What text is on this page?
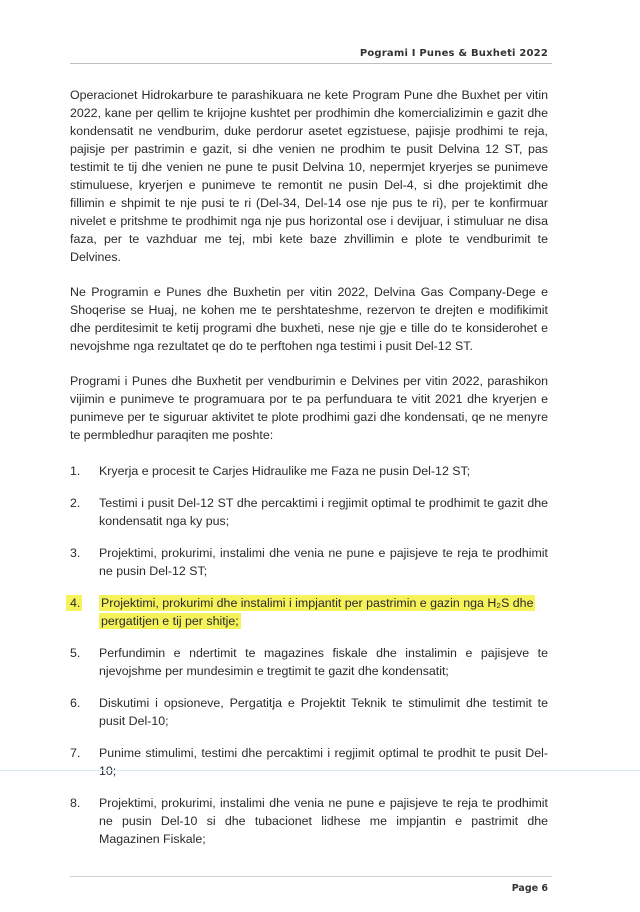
Pogrami I Punes & Buxheti 2022

Operacionet Hidrokarbure te parashikuara ne kete Program Pune dhe Buxhet per vitin 2022, kane per qellim te krijojne kushtet per prodhimin dhe komercializimin e gazit dhe kondensatit ne vendburim, duke perdorur asetet egzistuese, pajisje prodhimi te reja, pajisje per pastrimin e gazit, si dhe venien ne prodhim te pusit Delvina 12 ST, pas testimit te tij dhe venien ne pune te pusit Delvina 10, nepermjet kryerjes se punimeve stimuluese, kryerjen e punimeve te remontit ne pusin Del-4, si dhe projektimit dhe fillimin e shpimit te nje pusi te ri (Del-34, Del-14 ose nje pus te ri), per te konfirmuar nivelet e pritshme te prodhimit nga nje pus horizontal ose i devijuar, i stimuluar ne disa faza, per te vazhduar me tej, mbi kete baze zhvillimin e plote te vendburimit te Delvines.

Ne Programin e Punes dhe Buxhetin per vitin 2022, Delvina Gas Company-Dege e Shoqerise se Huaj, ne kohen me te pershtateshme, rezervon te drejten e modifikimit dhe perditesimit te ketij programi dhe buxheti, nese nje gje e tille do te konsiderohet e nevojshme nga rezultatet qe do te perftohen nga testimi i pusit Del-12 ST.

Programi i Punes dhe Buxhetit per vendburimin e Delvines per vitin 2022, parashikon vijimin e punimeve te programuara por te pa perfunduara te vitit 2021 dhe kryerjen e punimeve per te siguruar aktivitet te plote prodhimi gazi dhe kondensati, qe ne menyre te permbledhur paraqiten me poshte:

1.	Kryerja e procesit te Carjes Hidraulike me Faza ne pusin Del-12 ST;
2.	Testimi i pusit Del-12 ST dhe percaktimi i regjimit optimal te prodhimit te gazit dhe kondensatit nga ky pus;
3.	Projektimi, prokurimi, instalimi dhe venia ne pune e pajisjeve te reja te prodhimit ne pusin Del-12 ST;
4.	Projektimi, prokurimi dhe instalimi i impjantit per pastrimin e gazin nga H₂S dhe pergatitjen e tij per shitje;
5.	Perfundimin e ndertimit te magazines fiskale dhe instalimin e pajisjeve te njevojshme per mundesimin e tregtimit te gazit dhe kondensatit;
6.	Diskutimi i opsioneve, Pergatitja e Projektit Teknik te stimulimit dhe testimit te pusit Del-10;
7.	Punime stimulimi, testimi dhe percaktimi i regjimit optimal te prodhit te pusit Del-10;
8.	Projektimi, prokurimi, instalimi dhe venia ne pune e pajisjeve te reja te prodhimit ne pusin Del-10 si dhe tubacionet lidhese me impjantin e pastrimit dhe Magazinen Fiskale;
Page 6
